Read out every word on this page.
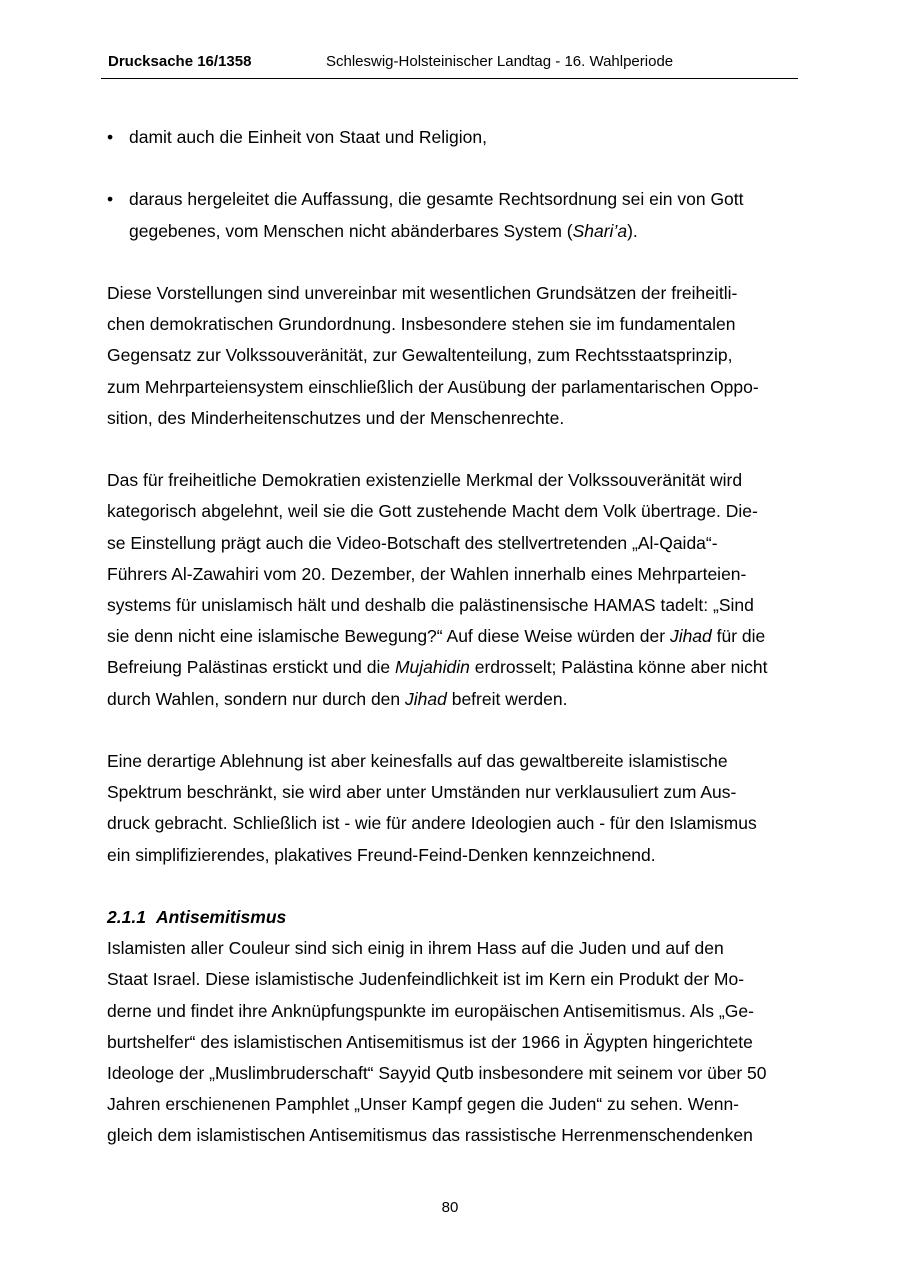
Drucksache 16/1358	Schleswig-Holsteinischer Landtag - 16. Wahlperiode
• damit auch die Einheit von Staat und Religion,
• daraus hergeleitet die Auffassung, die gesamte Rechtsordnung sei ein von Gott
gegebenes, vom Menschen nicht abänderbares System (Shari’a).
Diese Vorstellungen sind unvereinbar mit wesentlichen Grundsätzen der freiheitli-
chen demokratischen Grundordnung. Insbesondere stehen sie im fundamentalen
Gegensatz zur Volkssouveränität, zur Gewaltenteilung, zum Rechtsstaatsprinzip,
zum Mehrparteiensystem einschließlich der Ausübung der parlamentarischen Oppo-
sition, des Minderheitenschutzes und der Menschenrechte.
Das für freiheitliche Demokratien existenzielle Merkmal der Volkssouveränität wird
kategorisch abgelehnt, weil sie die Gott zustehende Macht dem Volk übertrage. Die-
se Einstellung prägt auch die Video-Botschaft des stellvertretenden „Al-Qaida“-
Führers Al-Zawahiri vom 20. Dezember, der Wahlen innerhalb eines Mehrparteien-
systems für unislamisch hält und deshalb die palästinensische HAMAS tadelt: „Sind
sie denn nicht eine islamische Bewegung?“ Auf diese Weise würden der Jihad für die
Befreiung Palästinas erstickt und die Mujahidin erdrosselt; Palästina könne aber nicht
durch Wahlen, sondern nur durch den Jihad befreit werden.
Eine derartige Ablehnung ist aber keinesfalls auf das gewaltbereite islamistische
Spektrum beschränkt, sie wird aber unter Umständen nur verklausuliert zum Aus-
druck gebracht. Schließlich ist - wie für andere Ideologien auch - für den Islamismus
ein simplifizierendes, plakatives Freund-Feind-Denken kennzeichnend.
2.1.1 Antisemitismus
Islamisten aller Couleur sind sich einig in ihrem Hass auf die Juden und auf den
Staat Israel. Diese islamistische Judenfeindlichkeit ist im Kern ein Produkt der Mo-
derne und findet ihre Anknüpfungspunkte im europäischen Antisemitismus. Als „Ge-
burtshelfer“ des islamistischen Antisemitismus ist der 1966 in Ägypten hingerichtete
Ideologe der „Muslimbruderschaft“ Sayyid Qutb insbesondere mit seinem vor über 50
Jahren erschienenen Pamphlet „Unser Kampf gegen die Juden“ zu sehen. Wenn-
gleich dem islamistischen Antisemitismus das rassistische Herrenmenschendenken
80
